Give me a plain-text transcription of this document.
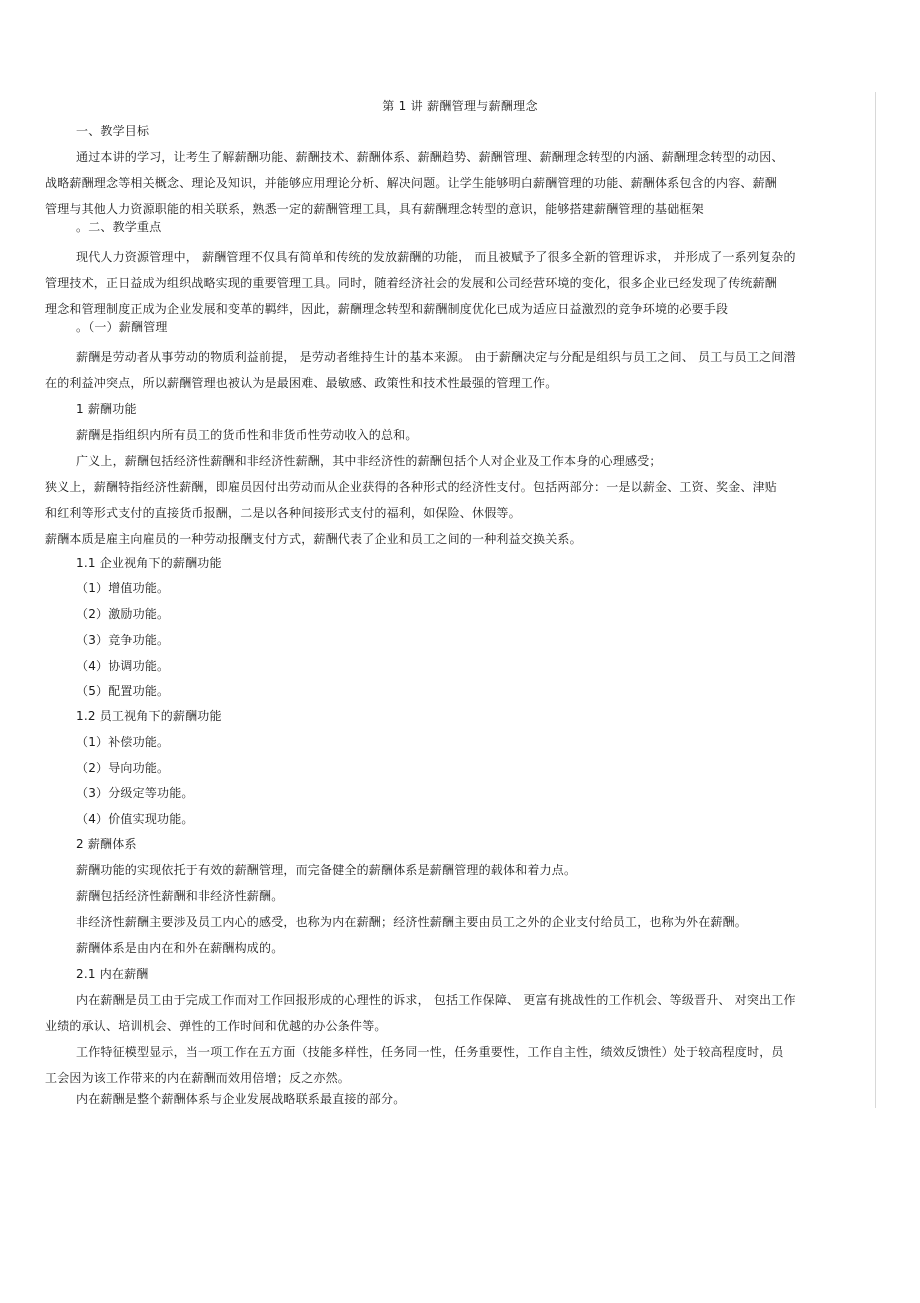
第 1 讲 薪酬管理与薪酬理念
一、教学目标
通过本讲的学习，让考生了解薪酬功能、薪酬技术、薪酬体系、薪酬趋势、薪酬管理、薪酬理念转型的内涵、薪酬理念转型的动因、
战略薪酬理念等相关概念、理论及知识，并能够应用理论分析、解决问题。让学生能够明白薪酬管理的功能、薪酬体系包含的内容、薪酬
管理与其他人力资源职能的相关联系，熟悉一定的薪酬管理工具，具有薪酬理念转型的意识，能够搭建薪酬管理的基础框架
。二、教学重点
现代人力资源管理中， 薪酬管理不仅具有简单和传统的发放薪酬的功能， 而且被赋予了很多全新的管理诉求， 并形成了一系列复杂的
管理技术，正日益成为组织战略实现的重要管理工具。同时，随着经济社会的发展和公司经营环境的变化，很多企业已经发现了传统薪酬
理念和管理制度正成为企业发展和变革的羁绊，因此，薪酬理念转型和薪酬制度优化已成为适应日益激烈的竞争环境的必要手段
。（一）薪酬管理
薪酬是劳动者从事劳动的物质利益前提， 是劳动者维持生计的基本来源。 由于薪酬决定与分配是组织与员工之间、 员工与员工之间潜
在的利益冲突点，所以薪酬管理也被认为是最困难、最敏感、政策性和技术性最强的管理工作。
1 薪酬功能
薪酬是指组织内所有员工的货币性和非货币性劳动收入的总和。
广义上，薪酬包括经济性薪酬和非经济性薪酬，其中非经济性的薪酬包括个人对企业及工作本身的心理感受；
狭义上，薪酬特指经济性薪酬，即雇员因付出劳动而从企业获得的各种形式的经济性支付。包括两部分：一是以薪金、工资、奖金、津贴
和红利等形式支付的直接货币报酬，二是以各种间接形式支付的福利，如保险、休假等。
薪酬本质是雇主向雇员的一种劳动报酬支付方式，薪酬代表了企业和员工之间的一种利益交换关系。
1.1 企业视角下的薪酬功能
（1）增值功能。
（2）激励功能。
（3）竞争功能。
（4）协调功能。
（5）配置功能。
1.2 员工视角下的薪酬功能
（1）补偿功能。
（2）导向功能。
（3）分级定等功能。
（4）价值实现功能。
2 薪酬体系
薪酬功能的实现依托于有效的薪酬管理，而完备健全的薪酬体系是薪酬管理的载体和着力点。
薪酬包括经济性薪酬和非经济性薪酬。
非经济性薪酬主要涉及员工内心的感受，也称为内在薪酬；经济性薪酬主要由员工之外的企业支付给员工，也称为外在薪酬。
薪酬体系是由内在和外在薪酬构成的。
2.1 内在薪酬
内在薪酬是员工由于完成工作而对工作回报形成的心理性的诉求， 包括工作保障、 更富有挑战性的工作机会、等级晋升、 对突出工作
业绩的承认、培训机会、弹性的工作时间和优越的办公条件等。
工作特征模型显示，当一项工作在五方面（技能多样性，任务同一性，任务重要性，工作自主性，绩效反馈性）处于较高程度时，员
工会因为该工作带来的内在薪酬而效用倍增；反之亦然。
内在薪酬是整个薪酬体系与企业发展战略联系最直接的部分。
